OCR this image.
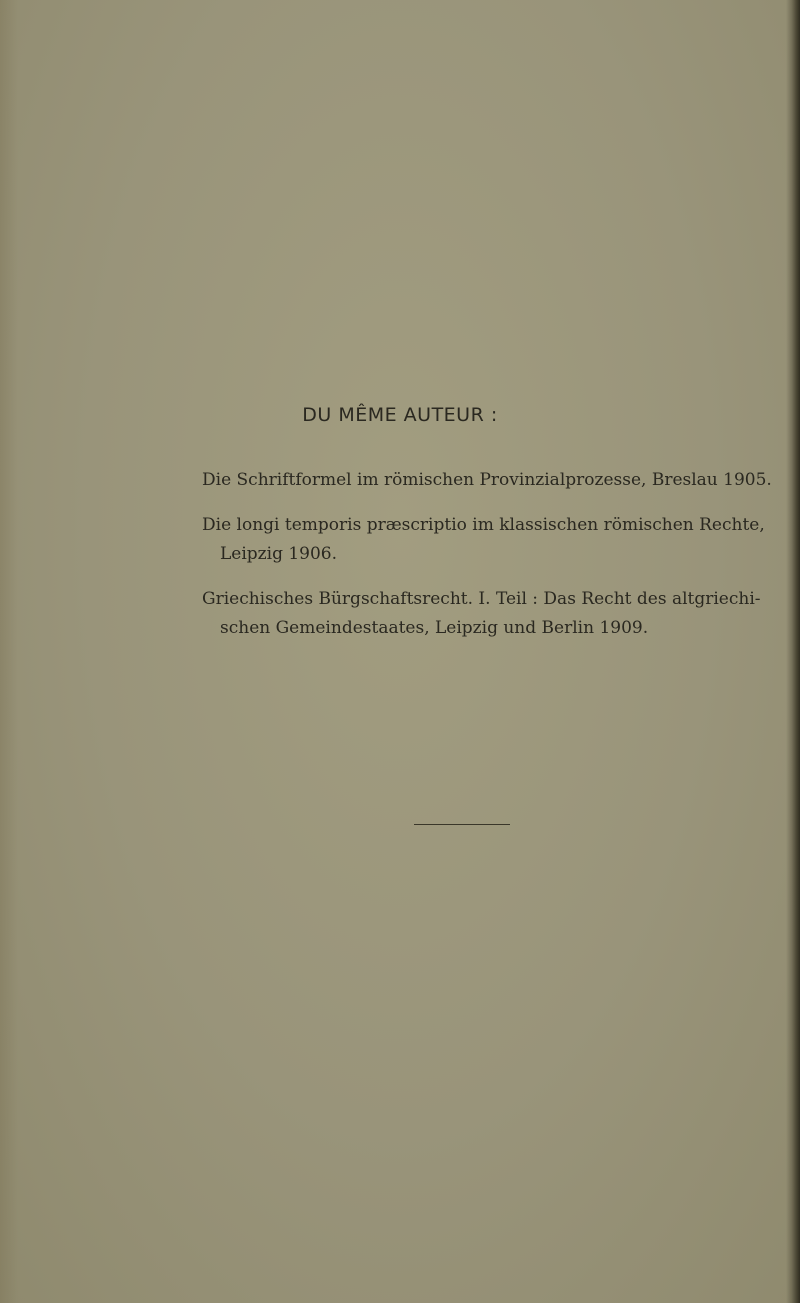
DU MÊME AUTEUR :

Die Schriftformel im römischen Provinzialprozesse, Breslau 1905.

Die longi temporis præscriptio im klassischen römischen Rechte,
Leipzig 1906.

Griechisches Bürgschaftsrecht. I. Teil : Das Recht des altgriechi-
schen Gemeindestaates, Leipzig und Berlin 1909.
